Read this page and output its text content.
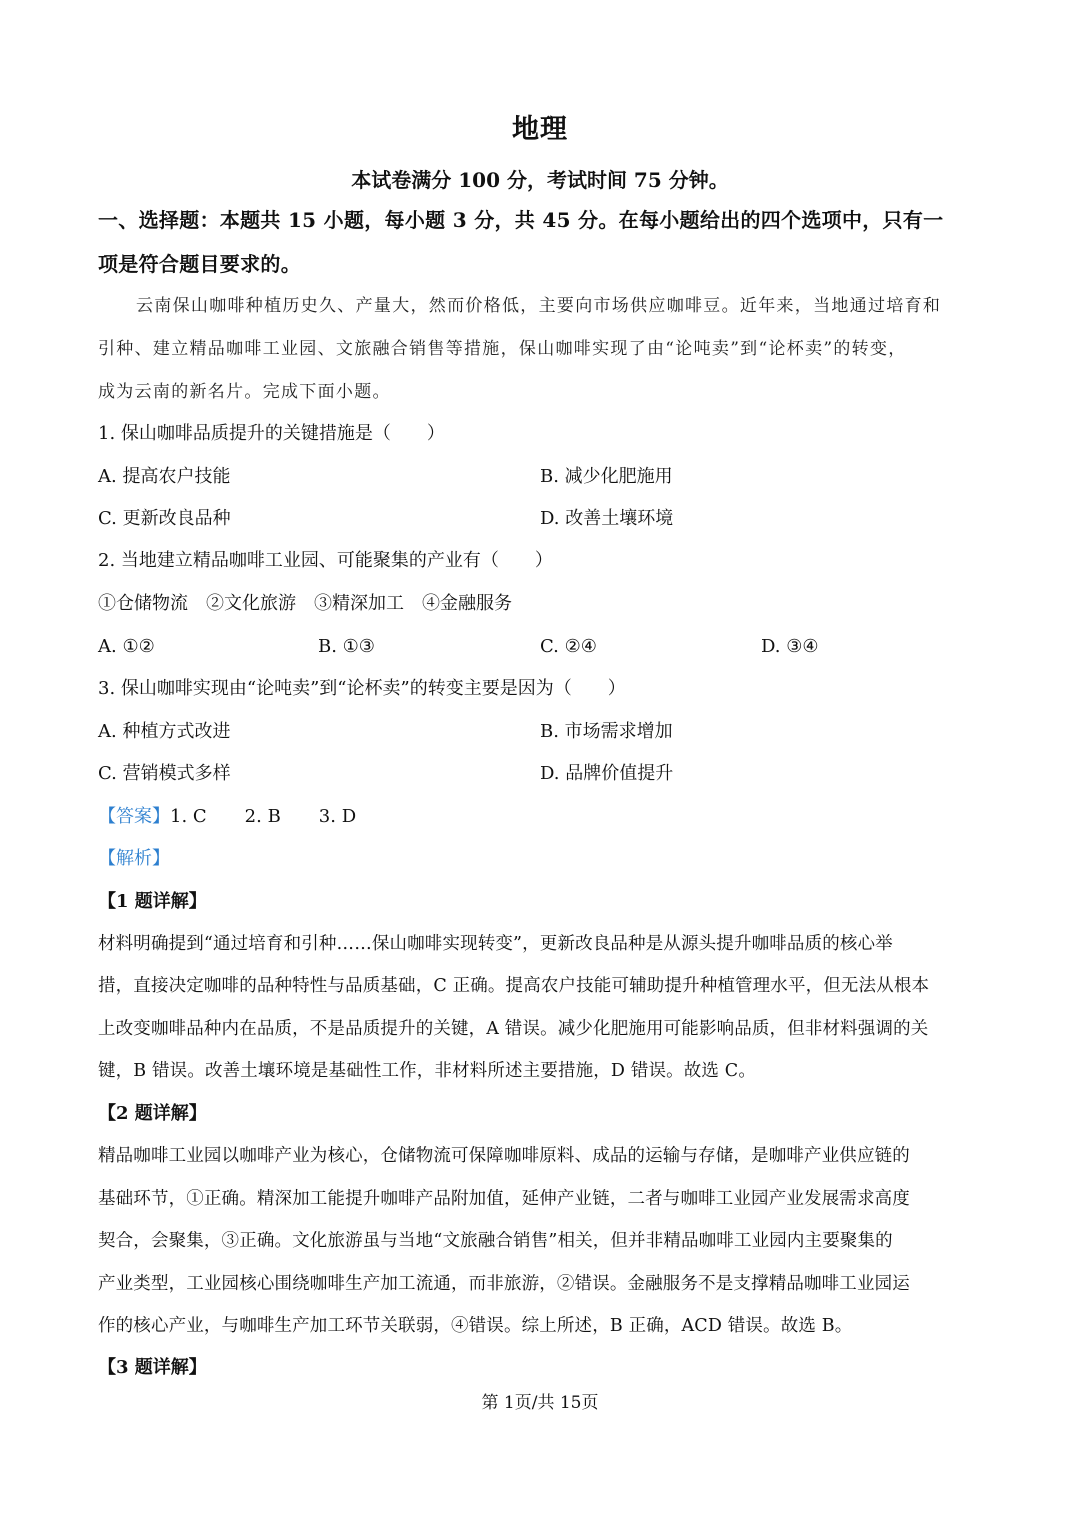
地理
本试卷满分 100 分，考试时间 75 分钟。
一、选择题：本题共 15 小题，每小题 3 分，共 45 分。在每小题给出的四个选项中，只有一
项是符合题目要求的。
云南保山咖啡种植历史久、产量大，然而价格低，主要向市场供应咖啡豆。近年来，当地通过培育和
引种、建立精品咖啡工业园、文旅融合销售等措施，保山咖啡实现了由“论吨卖”到“论杯卖”的转变，
成为云南的新名片。完成下面小题。
1. 保山咖啡品质提升的关键措施是（　　）
A. 提高农户技能	B. 减少化肥施用
C. 更新改良品种	D. 改善土壤环境
2. 当地建立精品咖啡工业园、可能聚集的产业有（　　）
①仓储物流　②文化旅游　③精深加工　④金融服务
A. ①②	B. ①③	C. ②④	D. ③④
3. 保山咖啡实现由“论吨卖”到“论杯卖”的转变主要是因为（　　）
A. 种植方式改进	B. 市场需求增加
C. 营销模式多样	D. 品牌价值提升
【答案】1. C 2. B 3. D
【解析】
【1 题详解】
材料明确提到“通过培育和引种……保山咖啡实现转变”，更新改良品种是从源头提升咖啡品质的核心举
措，直接决定咖啡的品种特性与品质基础，C 正确。提高农户技能可辅助提升种植管理水平，但无法从根本
上改变咖啡品种内在品质，不是品质提升的关键，A 错误。减少化肥施用可能影响品质，但非材料强调的关
键，B 错误。改善土壤环境是基础性工作，非材料所述主要措施，D 错误。故选 C。
【2 题详解】
精品咖啡工业园以咖啡产业为核心，仓储物流可保障咖啡原料、成品的运输与存储，是咖啡产业供应链的
基础环节，①正确。精深加工能提升咖啡产品附加值，延伸产业链，二者与咖啡工业园产业发展需求高度
契合，会聚集，③正确。文化旅游虽与当地“文旅融合销售”相关，但并非精品咖啡工业园内主要聚集的
产业类型，工业园核心围绕咖啡生产加工流通，而非旅游，②错误。金融服务不是支撑精品咖啡工业园运
作的核心产业，与咖啡生产加工环节关联弱，④错误。综上所述，B 正确，ACD 错误。故选 B。
【3 题详解】
第 1页/共 15页
